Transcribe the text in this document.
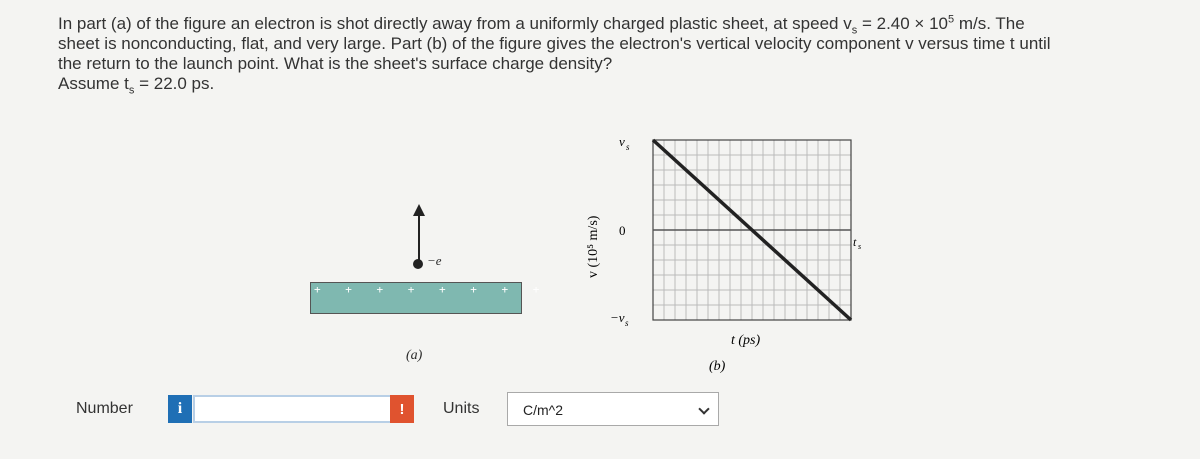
In part (a) of the figure an electron is shot directly away from a uniformly charged plastic sheet, at speed $v_s = 2.40 \times 10^5$ m/s. The

sheet is nonconducting, flat, and very large. Part (b) of the figure gives the electron's vertical velocity component v versus time t until

the return to the launch point. What is the sheet's surface charge density?

Assume $t_s = 22.0$ ps.

−e
+ + + + + + + +
(a)
v (10⁵ m/s)
v s
0
−v s
t s
t (ps)
(b)
Number	i	!	Units	C/m^2
